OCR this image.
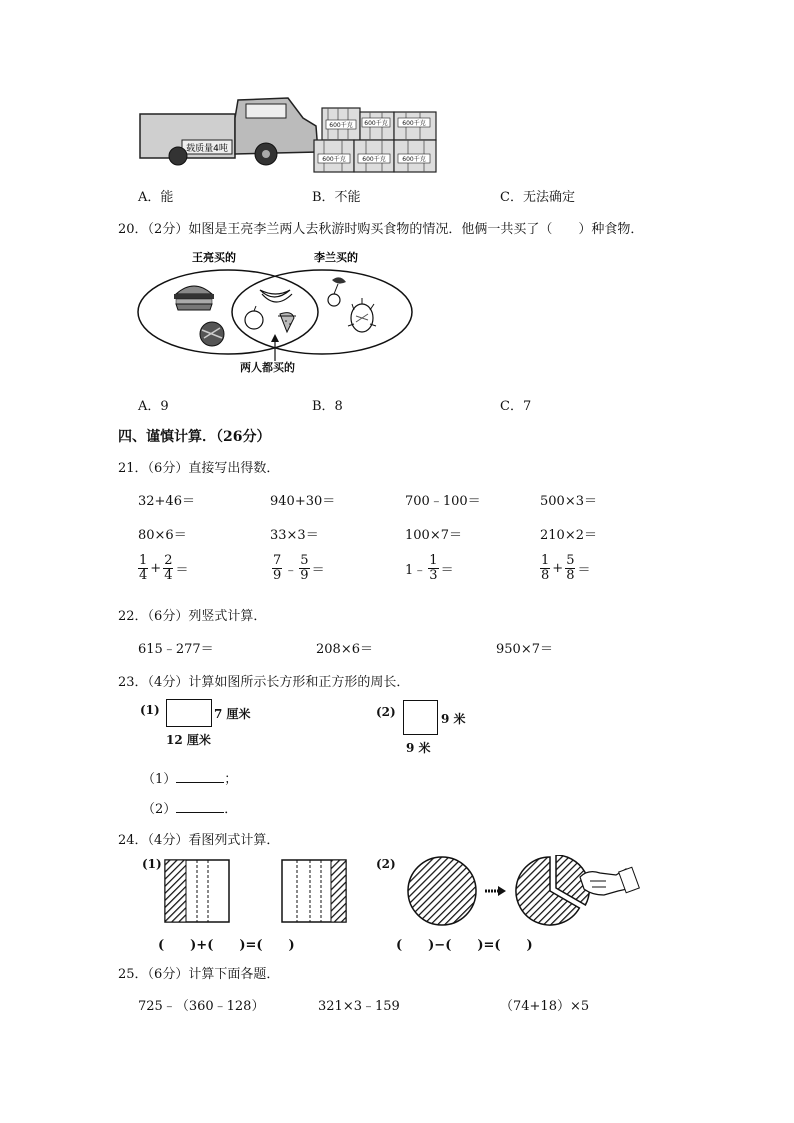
载质量4吨
600千克 600千克
600千克	600千克	600千克
600千克
A．能	B．不能	C．无法确定
20．（2分）如图是王亮李兰两人去秋游时购买食物的情况．他俩一共买了（　　）种食物．
王亮买的	李兰买的
两人都买的
A．9	B．8	C．7
四、谨慎计算．（26分）
21．（6分）直接写出得数．
32+46＝	940+30＝	700﹣100＝	500×3＝
80×6＝	33×3＝	100×7＝	210×2＝
$\frac{1}{4} + \frac{2}{4}$ ＝	$\frac{7}{9}$ ﹣ $\frac{5}{9}$ ＝	1﹣ $\frac{1}{3}$ ＝	$\frac{1}{8} + \frac{5}{8}$ ＝
22．（6分）列竖式计算．
615﹣277＝	208×6＝	950×7＝
23．（4分）计算如图所示长方形和正方形的周长．
(1)	7 厘米
12 厘米
(2)	9 米
9 米
（1）	；
（2）	．
24．（4分）看图列式计算．
(1)	(2)
(　　)+(　　)=(　　)	(　　)−(　　)=(　　)
25．（6分）计算下面各题．
725﹣（360﹣128）	321×3﹣159	（74+18）×5
